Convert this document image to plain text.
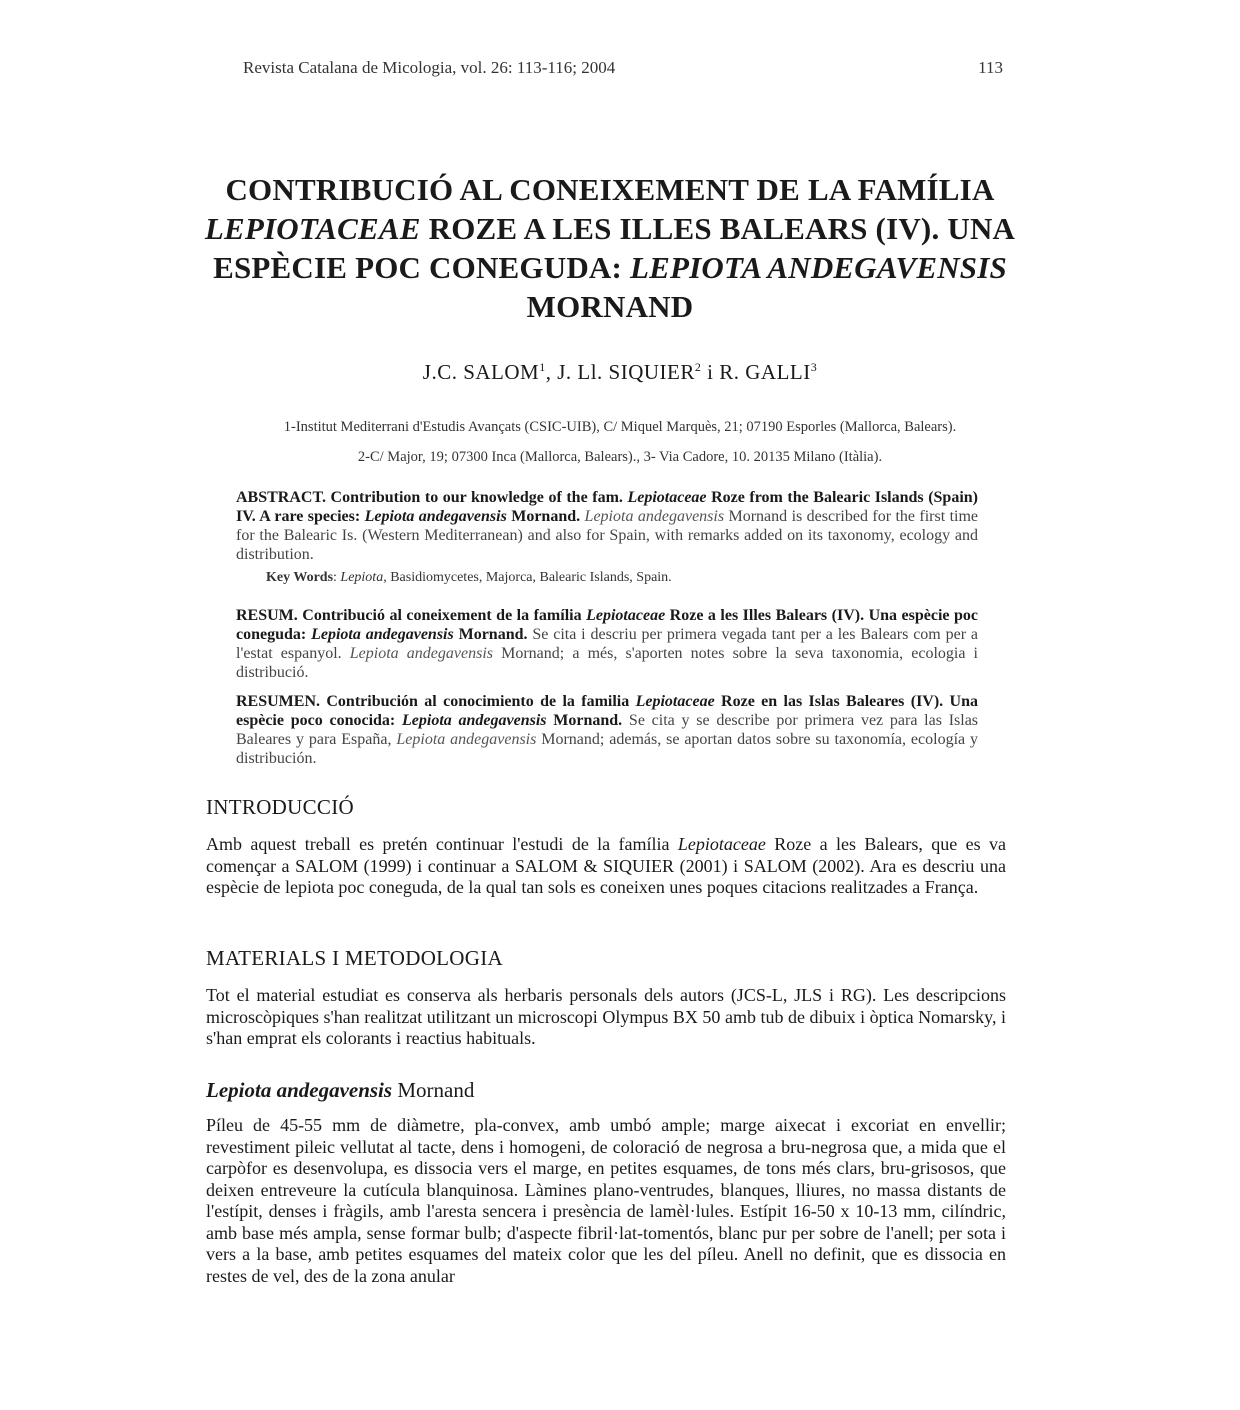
Revista Catalana de Micologia, vol. 26: 113-116; 2004	113
CONTRIBUCIÓ AL CONEIXEMENT DE LA FAMÍLIA
LEPIOTACEAE ROZE A LES ILLES BALEARS (IV). UNA
ESPÈCIE POC CONEGUDA: LEPIOTA ANDEGAVENSIS
MORNAND
J.C. SALOM$^1$, J. Ll. SIQUIER$^2$ i R. GALLI$^3$
1-Institut Mediterrani d'Estudis Avançats (CSIC-UIB), C/ Miquel Marquès, 21; 07190 Esporles (Mallorca, Balears).
2-C/ Major, 19; 07300 Inca (Mallorca, Balears)., 3- Via Cadore, 10. 20135 Milano (Itàlia).
ABSTRACT. Contribution to our knowledge of the fam. Lepiotaceae Roze from the Balearic Islands (Spain) IV. A rare species: Lepiota andegavensis Mornand. Lepiota andegavensis Mornand is described for the first time for the Balearic Is. (Western Mediterranean) and also for Spain, with remarks added on its taxonomy, ecology and distribution.
Key Words: Lepiota, Basidiomycetes, Majorca, Balearic Islands, Spain.
RESUM. Contribució al coneixement de la família Lepiotaceae Roze a les Illes Balears (IV). Una espècie poc coneguda: Lepiota andegavensis Mornand. Se cita i descriu per primera vegada tant per a les Balears com per a l'estat espanyol. Lepiota andegavensis Mornand; a més, s'aporten notes sobre la seva taxonomia, ecologia i distribució.
RESUMEN. Contribución al conocimiento de la familia Lepiotaceae Roze en las Islas Baleares (IV). Una espècie poco conocida: Lepiota andegavensis Mornand. Se cita y se describe por primera vez para las Islas Baleares y para España, Lepiota andegavensis Mornand; además, se aportan datos sobre su taxonomía, ecología y distribución.
INTRODUCCIÓ
Amb aquest treball es pretén continuar l'estudi de la família Lepiotaceae Roze a les Balears, que es va començar a SALOM (1999) i continuar a SALOM & SIQUIER (2001) i SALOM (2002). Ara es descriu una espècie de lepiota poc coneguda, de la qual tan sols es coneixen unes poques citacions realitzades a França.
MATERIALS I METODOLOGIA
Tot el material estudiat es conserva als herbaris personals dels autors (JCS-L, JLS i RG). Les descripcions microscòpiques s'han realitzat utilitzant un microscopi Olympus BX 50 amb tub de dibuix i òptica Nomarsky, i s'han emprat els colorants i reactius habituals.
Lepiota andegavensis Mornand
Píleu de 45-55 mm de diàmetre, pla-convex, amb umbó ample; marge aixecat i excoriat en envellir; revestiment pileic vellutat al tacte, dens i homogeni, de coloració de negrosa a bru-negrosa que, a mida que el carpòfor es desenvolupa, es dissocia vers el marge, en petites esquames, de tons més clars, bru-grisosos, que deixen entreveure la cutícula blanquinosa. Làmines plano-ventrudes, blanques, lliures, no massa distants de l'estípit, denses i fràgils, amb l'aresta sencera i presència de lamèl·lules. Estípit 16-50 x 10-13 mm, cilíndric, amb base més ampla, sense formar bulb; d'aspecte fibril·lat-tomentós, blanc pur per sobre de l'anell; per sota i vers a la base, amb petites esquames del mateix color que les del píleu. Anell no definit, que es dissocia en restes de vel, des de la zona anular
